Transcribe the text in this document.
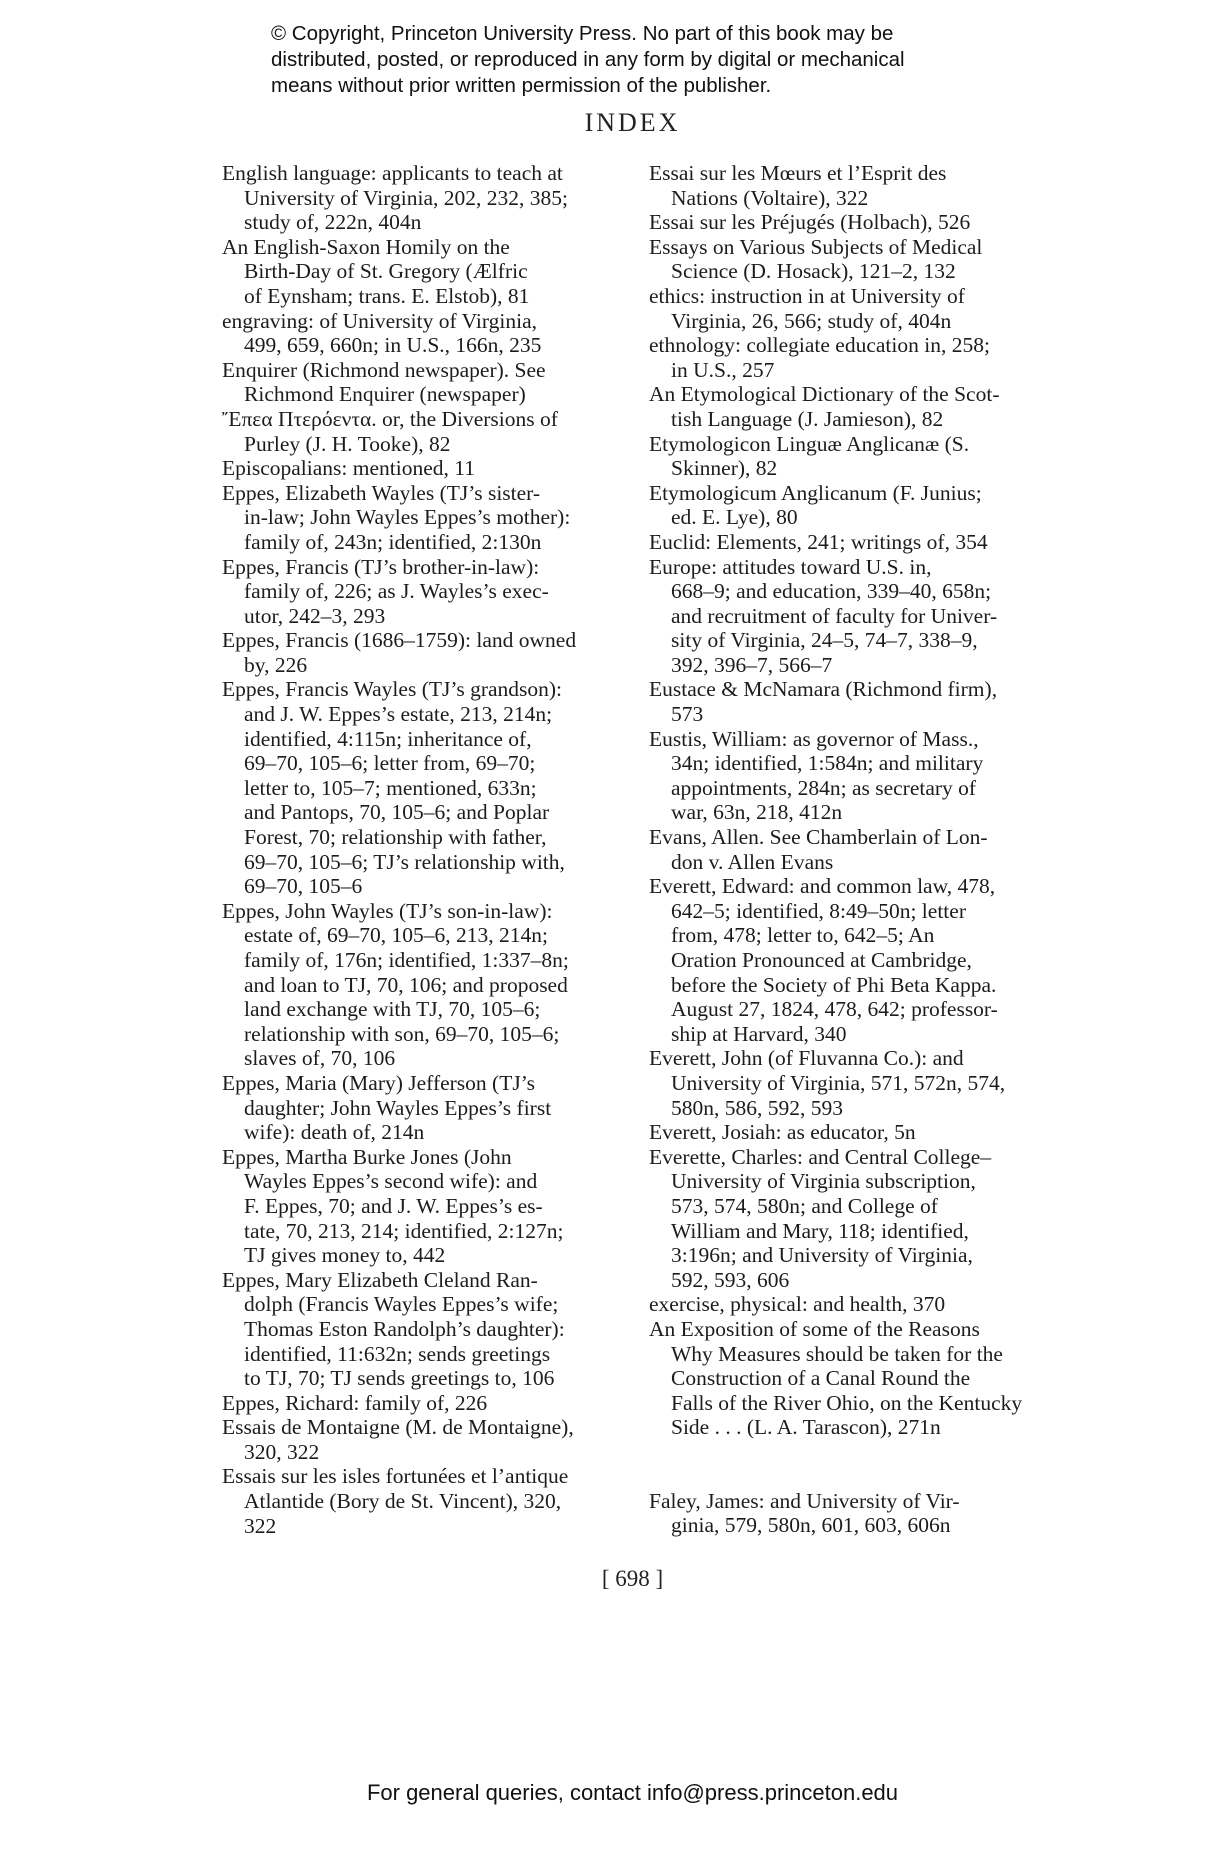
© Copyright, Princeton University Press. No part of this book may be
distributed, posted, or reproduced in any form by digital or mechanical
means without prior written permission of the publisher.
INDEX
English language: applicants to teach at
University of Virginia, 202, 232, 385;
study of, 222n, 404n
An English-Saxon Homily on the
Birth-Day of St. Gregory (Ælfric
of Eynsham; trans. E. Elstob), 81
engraving: of University of Virginia,
499, 659, 660n; in U.S., 166n, 235
Enquirer (Richmond newspaper). See
Richmond Enquirer (newspaper)
Ἔπεα Πτερόεντα. or, the Diversions of
Purley (J. H. Tooke), 82
Episcopalians: mentioned, 11
Eppes, Elizabeth Wayles (TJ’s sister-
in-law; John Wayles Eppes’s mother):
family of, 243n; identified, 2:130n
Eppes, Francis (TJ’s brother-in-law):
family of, 226; as J. Wayles’s exec-
utor, 242–3, 293
Eppes, Francis (1686–1759): land owned
by, 226
Eppes, Francis Wayles (TJ’s grandson):
and J. W. Eppes’s estate, 213, 214n;
identified, 4:115n; inheritance of,
69–70, 105–6; letter from, 69–70;
letter to, 105–7; mentioned, 633n;
and Pantops, 70, 105–6; and Poplar
Forest, 70; relationship with father,
69–70, 105–6; TJ’s relationship with,
69–70, 105–6
Eppes, John Wayles (TJ’s son-in-law):
estate of, 69–70, 105–6, 213, 214n;
family of, 176n; identified, 1:337–8n;
and loan to TJ, 70, 106; and proposed
land exchange with TJ, 70, 105–6;
relationship with son, 69–70, 105–6;
slaves of, 70, 106
Eppes, Maria (Mary) Jefferson (TJ’s
daughter; John Wayles Eppes’s first
wife): death of, 214n
Eppes, Martha Burke Jones (John
Wayles Eppes’s second wife): and
F. Eppes, 70; and J. W. Eppes’s es-
tate, 70, 213, 214; identified, 2:127n;
TJ gives money to, 442
Eppes, Mary Elizabeth Cleland Ran-
dolph (Francis Wayles Eppes’s wife;
Thomas Eston Randolph’s daughter):
identified, 11:632n; sends greetings
to TJ, 70; TJ sends greetings to, 106
Eppes, Richard: family of, 226
Essais de Montaigne (M. de Montaigne),
320, 322
Essais sur les isles fortunées et l’antique
Atlantide (Bory de St. Vincent), 320,
322
Essai sur les Mœurs et l’Esprit des
Nations (Voltaire), 322
Essai sur les Préjugés (Holbach), 526
Essays on Various Subjects of Medical
Science (D. Hosack), 121–2, 132
ethics: instruction in at University of
Virginia, 26, 566; study of, 404n
ethnology: collegiate education in, 258;
in U.S., 257
An Etymological Dictionary of the Scot-
tish Language (J. Jamieson), 82
Etymologicon Linguæ Anglicanæ (S.
Skinner), 82
Etymologicum Anglicanum (F. Junius;
ed. E. Lye), 80
Euclid: Elements, 241; writings of, 354
Europe: attitudes toward U.S. in,
668–9; and education, 339–40, 658n;
and recruitment of faculty for Univer-
sity of Virginia, 24–5, 74–7, 338–9,
392, 396–7, 566–7
Eustace & McNamara (Richmond firm),
573
Eustis, William: as governor of Mass.,
34n; identified, 1:584n; and military
appointments, 284n; as secretary of
war, 63n, 218, 412n
Evans, Allen. See Chamberlain of Lon-
don v. Allen Evans
Everett, Edward: and common law, 478,
642–5; identified, 8:49–50n; letter
from, 478; letter to, 642–5; An
Oration Pronounced at Cambridge,
before the Society of Phi Beta Kappa.
August 27, 1824, 478, 642; professor-
ship at Harvard, 340
Everett, John (of Fluvanna Co.): and
University of Virginia, 571, 572n, 574,
580n, 586, 592, 593
Everett, Josiah: as educator, 5n
Everette, Charles: and Central College–
University of Virginia subscription,
573, 574, 580n; and College of
William and Mary, 118; identified,
3:196n; and University of Virginia,
592, 593, 606
exercise, physical: and health, 370
An Exposition of some of the Reasons
Why Measures should be taken for the
Construction of a Canal Round the
Falls of the River Ohio, on the Kentucky
Side . . . (L. A. Tarascon), 271n
Faley, James: and University of Vir-
ginia, 579, 580n, 601, 603, 606n
[ 698 ]
For general queries, contact info@press.princeton.edu
